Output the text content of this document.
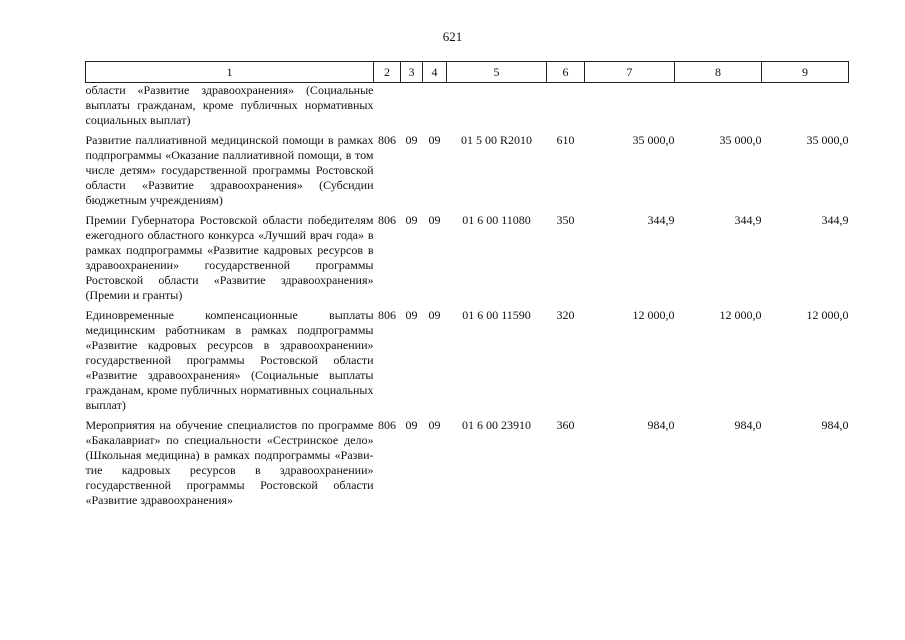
621
1	2	3	4	5	6	7	8	9
области «Развитие здравоохранения» (Социальные выплаты гражданам, кроме публичных нормативных социальных выплат)								
Развитие паллиативной медицинской помощи в рамках подпрограммы «Оказание паллиативной помощи, в том числе детям» государственной программы Ростовской области «Развитие здравоохранения» (Субсидии бюджетным учреждениям)	806	09	09	01 5 00 R2010	610	35 000,0	35 000,0	35 000,0
Премии Губернатора Ростовской области победителям ежегодного областного конкурса «Лучший врач года» в рамках подпрограммы «Развитие кадровых ресурсов в здравоохранении» государственной программы Ростовской области «Развитие здравоохранения» (Премии и гранты)	806	09	09	01 6 00 11080	350	344,9	344,9	344,9
Единовременные компенсационные выплаты медицинским работникам в рамках подпрограммы «Развитие кадровых ресурсов в здравоохранении» государственной программы Ростовской области «Развитие здравоохранения» (Социальные выплаты гражданам, кроме публичных нормативных социальных выплат)	806	09	09	01 6 00 11590	320	12 000,0	12 000,0	12 000,0
Мероприятия на обучение специалистов по программе «Бакалавриат» по специальности «Сестринское дело» (Школьная медицина) в рамках подпрограммы «Развитие кадровых ресурсов в здравоохранении» государственной программы Ростовской области «Развитие здравоохранения»	806	09	09	01 6 00 23910	360	984,0	984,0	984,0
